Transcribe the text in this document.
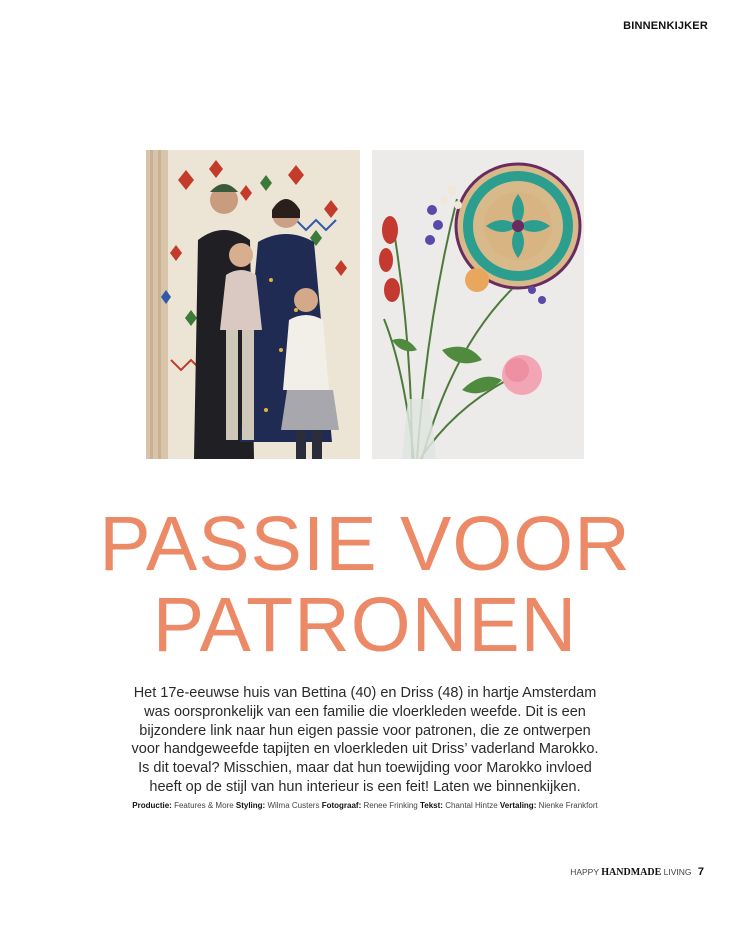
BINNENKIJKER
PASSIE VOOR
PATRONEN

Het 17e-eeuwse huis van Bettina (40) en Driss (48) in hartje Amsterdam
was oorspronkelijk van een familie die vloerkleden weefde. Dit is een
bijzondere link naar hun eigen passie voor patronen, die ze ontwerpen
voor handgeweefde tapijten en vloerkleden uit Driss’ vaderland Marokko.
Is dit toeval? Misschien, maar dat hun toewijding voor Marokko invloed
heeft op de stijl van hun interieur is een feit! Laten we binnenkijken.

Productie: Features & More Styling: Wilma Custers Fotograaf: Renee Frinking Tekst: Chantal Hintze Vertaling: Nienke Frankfort
HAPPY HANDMADE LIVING 7
